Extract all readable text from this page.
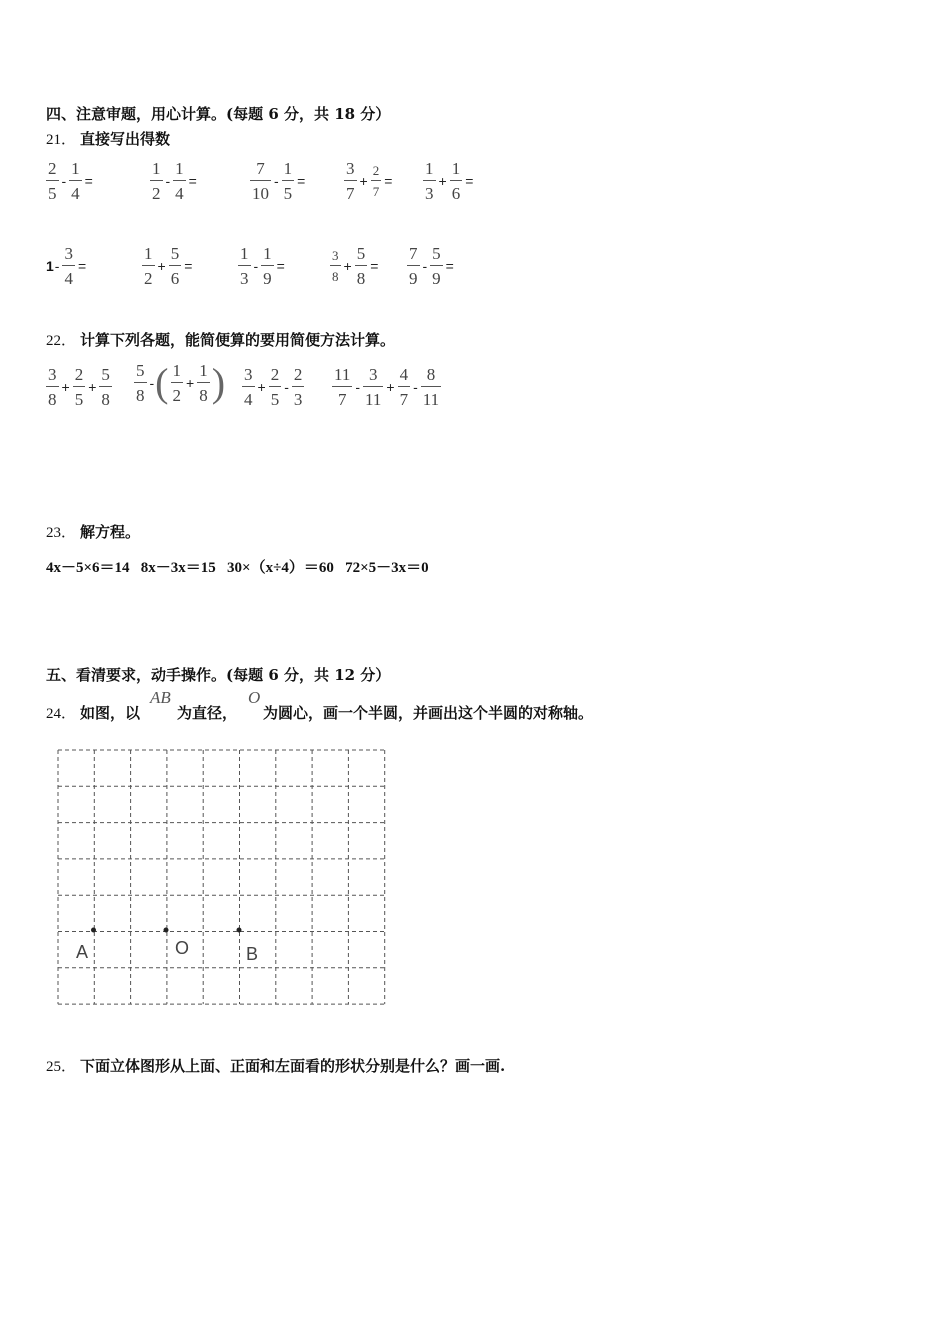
四、注意审题，用心计算。(每题 6 分，共 18 分）
21． 直接写出得数
$\frac{2}{5} - \frac{1}{4}$ =	$\frac{1}{2} - \frac{1}{4}$ =	$\frac{7}{10} - \frac{1}{5} = \frac{3}{7} + \frac{2}{7} = \frac{1}{3} + \frac{1}{6}$ =
$1- \frac{3}{4}$ =	$\frac{1}{2} + \frac{5}{6}$ =	$\frac{1}{3} - \frac{1}{9}$ =	$\frac{3}{8} + \frac{5}{8} = \frac{7}{9} - \frac{5}{9}$ =
22． 计算下列各题，能简便算的要用简便方法计算。
$\frac{3}{8} + \frac{2}{5} + \frac{5}{8} \frac{5}{8}$ -( $\frac{1}{2} + \frac{1}{8}$ ) $\frac{3}{4} + \frac{2}{5} - \frac{2}{3} \frac{11}{7} - \frac{3}{11} + \frac{4}{7} - \frac{8}{11}$
23． 解方程。
4x－5×6＝14   8x－3x＝15   30×（x÷4）＝60   72×5－3x＝0
五、看清要求，动手操作。(每题 6 分，共 12 分）
24． 如图，以
AB
为直径，
O
为圆心，画一个半圆，并画出这个半圆的对称轴。
A	O	B
25． 下面立体图形从上面、正面和左面看的形状分别是什么？画一画.
